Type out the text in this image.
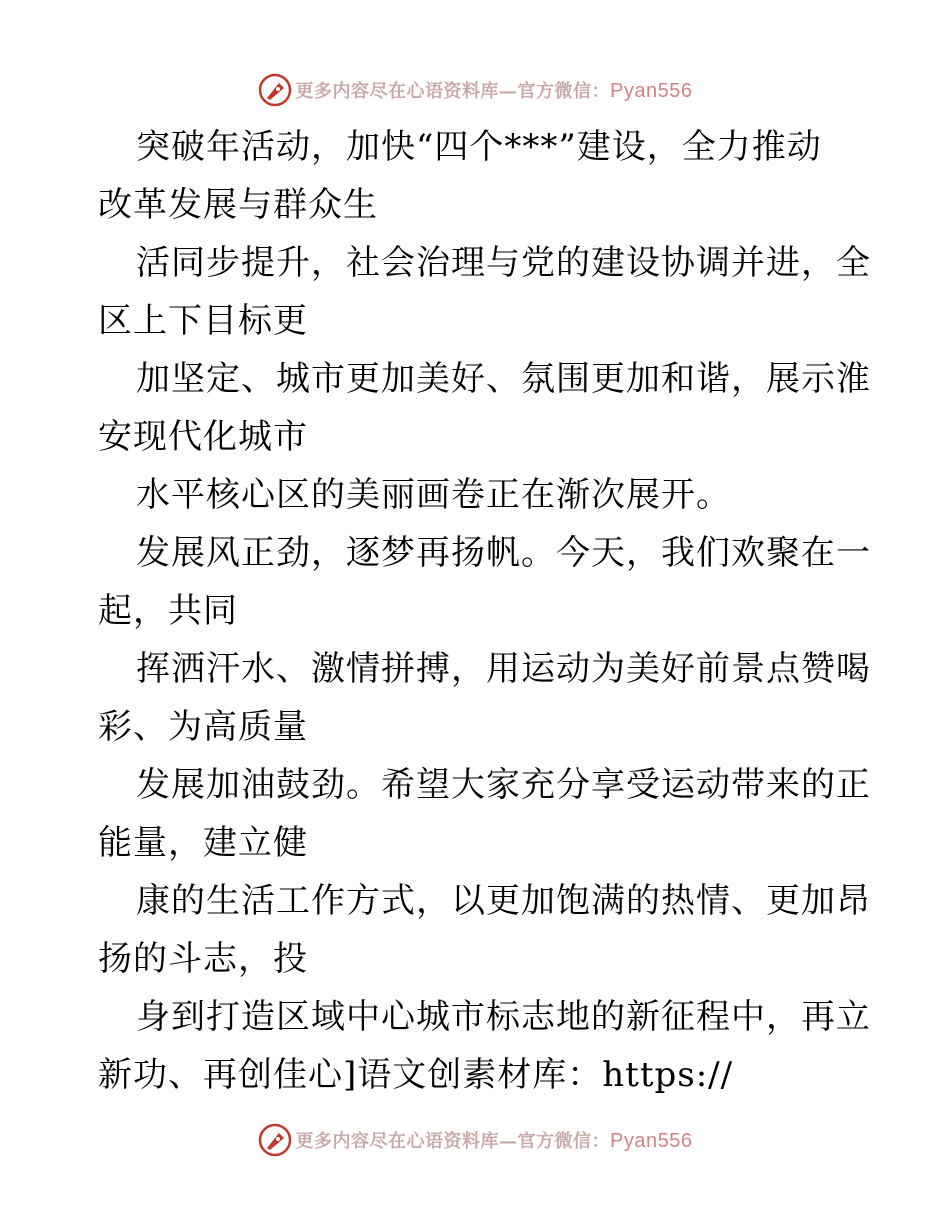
更多内容尽在心语资料库—官方微信：Pyan556
突破年活动，加快“四个***”建设，全力推动
改革发展与群众生
活同步提升，社会治理与党的建设协调并进，全
区上下目标更
加坚定、城市更加美好、氛围更加和谐，展示淮
安现代化城市
水平核心区的美丽画卷正在渐次展开。
发展风正劲，逐梦再扬帆。今天，我们欢聚在一
起，共同
挥洒汗水、激情拼搏，用运动为美好前景点赞喝
彩、为高质量
发展加油鼓劲。希望大家充分享受运动带来的正
能量，建立健
康的生活工作方式，以更加饱满的热情、更加昂
扬的斗志，投
身到打造区域中心城市标志地的新征程中，再立
新功、再创佳心]语文创素材库：https://
更多内容尽在心语资料库—官方微信：Pyan556
